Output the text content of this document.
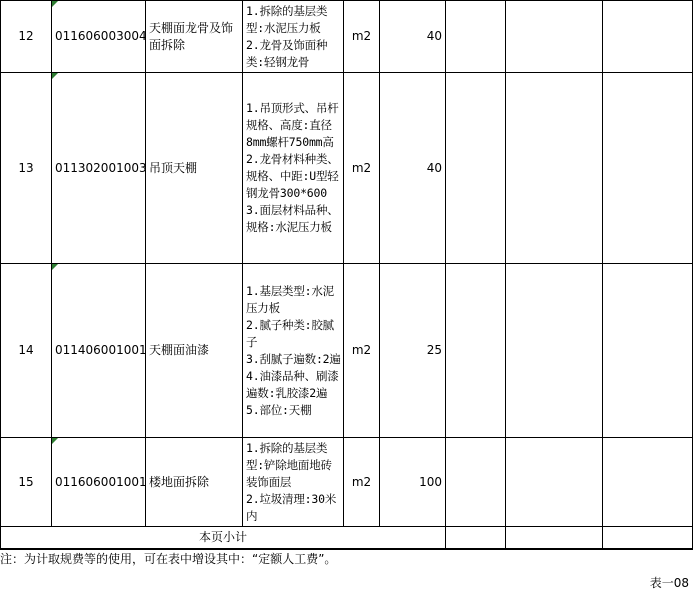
12	011606003004	天棚面龙骨及饰面拆除	1.拆除的基层类型:水泥压力板
2.龙骨及饰面种类:轻钢龙骨	m2	40			
13	011302001003	吊顶天棚	1.吊顶形式、吊杆规格、高度:直径8mm螺杆750mm高
2.龙骨材料种类、规格、中距:U型轻钢龙骨300*600
3.面层材料品种、规格:水泥压力板	m2	40			
14	011406001001	天棚面油漆	1.基层类型:水泥压力板
2.腻子种类:胶腻子
3.刮腻子遍数:2遍
4.油漆品种、刷漆遍数:乳胶漆2遍
5.部位:天棚	m2	25			
15	011606001001	楼地面拆除	1.拆除的基层类型:铲除地面地砖装饰面层
2.垃圾清理:30米内	m2	100			
本页小计								
注：为计取规费等的使用，可在表中增设其中：“定额人工费”。
表一08
